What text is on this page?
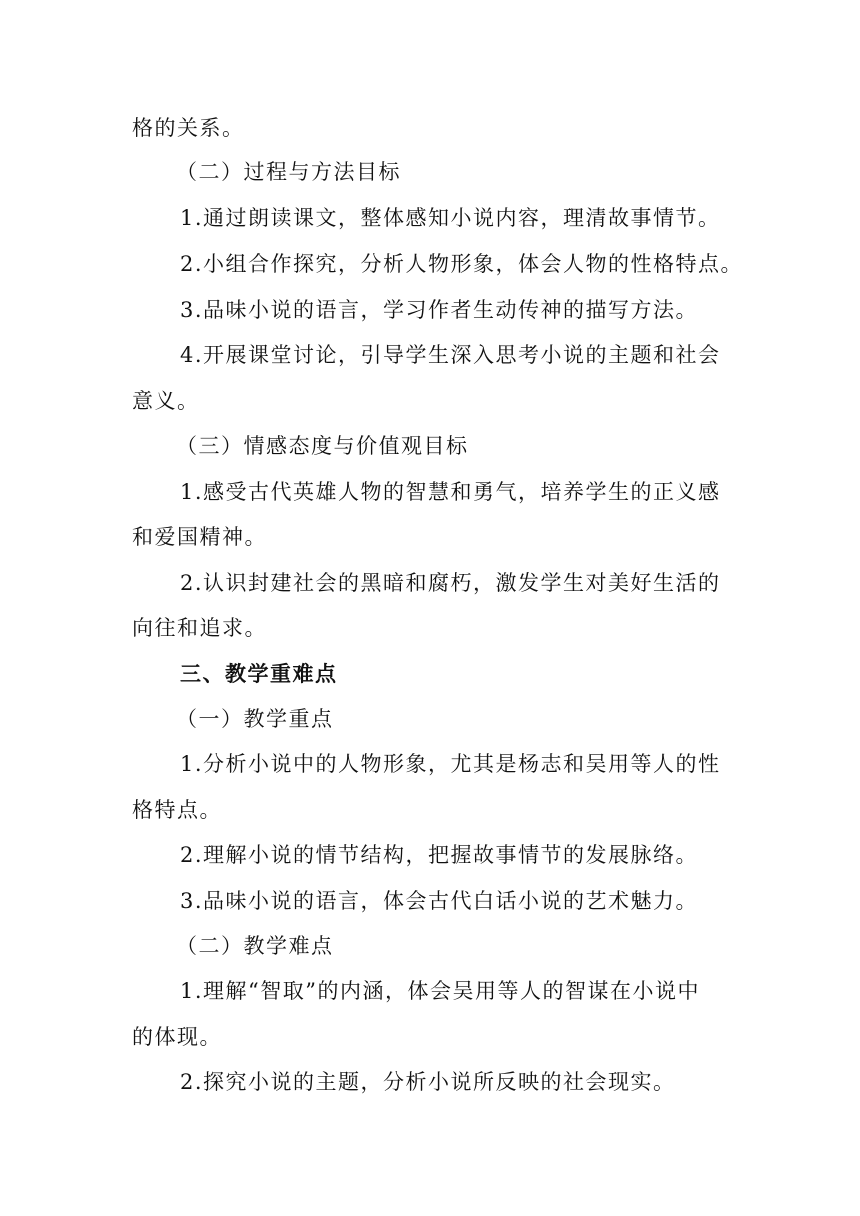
格的关系。
（二）过程与方法目标
1.通过朗读课文，整体感知小说内容，理清故事情节。
2.小组合作探究，分析人物形象，体会人物的性格特点。
3.品味小说的语言，学习作者生动传神的描写方法。
4.开展课堂讨论，引导学生深入思考小说的主题和社会
意义。
（三）情感态度与价值观目标
1.感受古代英雄人物的智慧和勇气，培养学生的正义感
和爱国精神。
2.认识封建社会的黑暗和腐朽，激发学生对美好生活的
向往和追求。
三、教学重难点
（一）教学重点
1.分析小说中的人物形象，尤其是杨志和吴用等人的性
格特点。
2.理解小说的情节结构，把握故事情节的发展脉络。
3.品味小说的语言，体会古代白话小说的艺术魅力。
（二）教学难点
1.理解“智取”的内涵，体会吴用等人的智谋在小说中
的体现。
2.探究小说的主题，分析小说所反映的社会现实。
